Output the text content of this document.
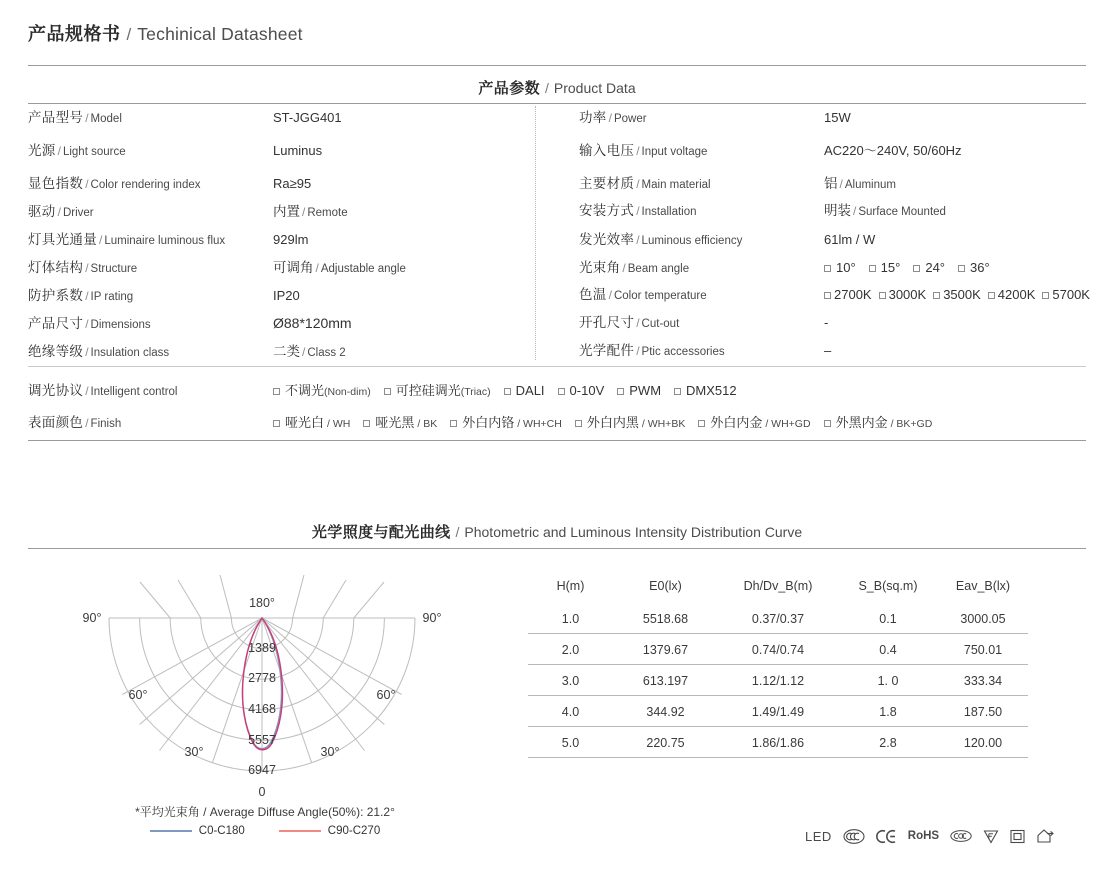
产品规格书 / Techinical Datasheet
产品参数 / Product Data
产品型号 / Model	ST-JGG401
光源 / Light source	Luminus
显色指数 / Color rendering index	Ra≥95
驱动 / Driver	内置 / Remote
灯具光通量 / Luminaire luminous flux	929lm
灯体结构 / Structure	可调角 / Adjustable angle
防护系数 / IP rating	IP20
产品尺寸 / Dimensions	Ø88*120mm
绝缘等级 / Insulation class	二类 / Class 2
功率 / Power	15W
输入电压 / Input voltage	AC220～240V, 50/60Hz
主要材质 / Main material	铝 / Aluminum
安装方式 / Installation	明装 / Surface Mounted
发光效率 / Luminous efficiency	61lm / W
光束角 / Beam angle	10° 15° 24° 36°
色温 / Color temperature	2700K 3000K 3500K 4200K 5700K
开孔尺寸 / Cut-out	-
光学配件 / Ptic accessories	–
调光协议 / Intelligent control	不调光 (Non-dim) 可控硅调光 (Triac) DALI 0-10V PWM DMX512
表面颜色 / Finish	哑光白 / WH 哑光黑 / BK 外白内铬 / WH+CH 外白内黑 / WH+BK 外白内金 / WH+GD 外黑内金 / BK+GD
光学照度与配光曲线 / Photometric and Luminous Intensity Distribution Curve
180°
1389
2778
4168
5557
6947
0
90°	90°
60°	60°
30°	30°
*平均光束角 / Average Diffuse Angle(50%): 21.2°
C0-C180	C90-C270
H(m)	E0(lx)	Dh/Dv_B(m)	S_B(sq.m)	Eav_B(lx)
1.0	5518.68	0.37/0.37	0.1	3000.05
2.0	1379.67	0.74/0.74	0.4	750.01
3.0	613.197	1.12/1.12	1. 0	333.34
4.0	344.92	1.49/1.49	1.8	187.50
5.0	220.75	1.86/1.86	2.8	120.00
LED	RoHS
